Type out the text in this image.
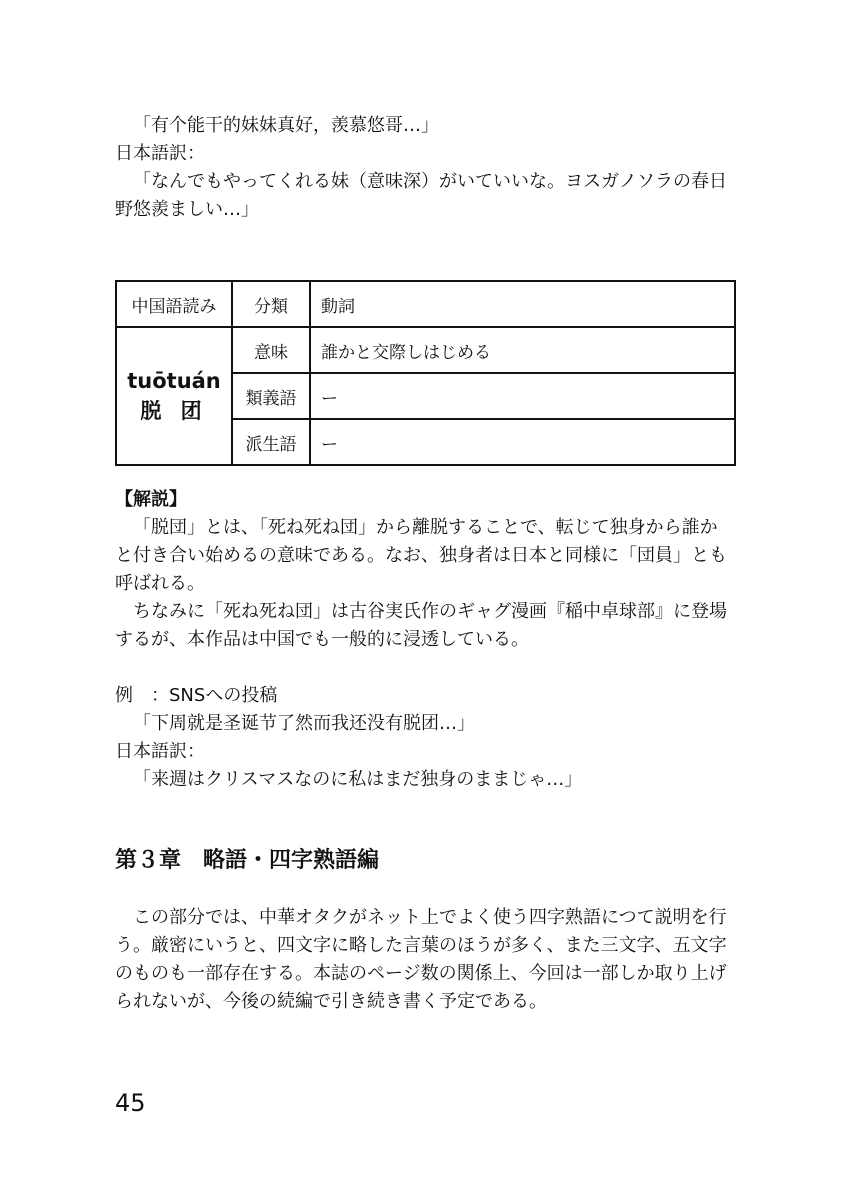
「有个能干的妹妹真好，羡慕悠哥…」
日本語訳：
「なんでもやってくれる妹（意味深）がいていいな。ヨスガノソラの春日
野悠羨ましい…」
中国語読み	分類	動詞

tuōtuán
脱 团	意味	誰かと交際しはじめる
	類義語	ー
	派生語	ー
【解説】
「脱団」とは、「死ね死ね団」から離脱することで、転じて独身から誰か
と付き合い始めるの意味である。なお、独身者は日本と同様に「団員」とも
呼ばれる。
ちなみに「死ね死ね団」は古谷実氏作のギャグ漫画『稲中卓球部』に登場
するが、本作品は中国でも一般的に浸透している。
例　：SNSへの投稿
「下周就是圣诞节了然而我还没有脱团…」
日本語訳：
「来週はクリスマスなのに私はまだ独身のままじゃ…」
第３章　略語・四字熟語編
この部分では、中華オタクがネット上でよく使う四字熟語につて説明を行
う。厳密にいうと、四文字に略した言葉のほうが多く、また三文字、五文字
のものも一部存在する。本誌のページ数の関係上、今回は一部しか取り上げ
られないが、今後の続編で引き続き書く予定である。
45
